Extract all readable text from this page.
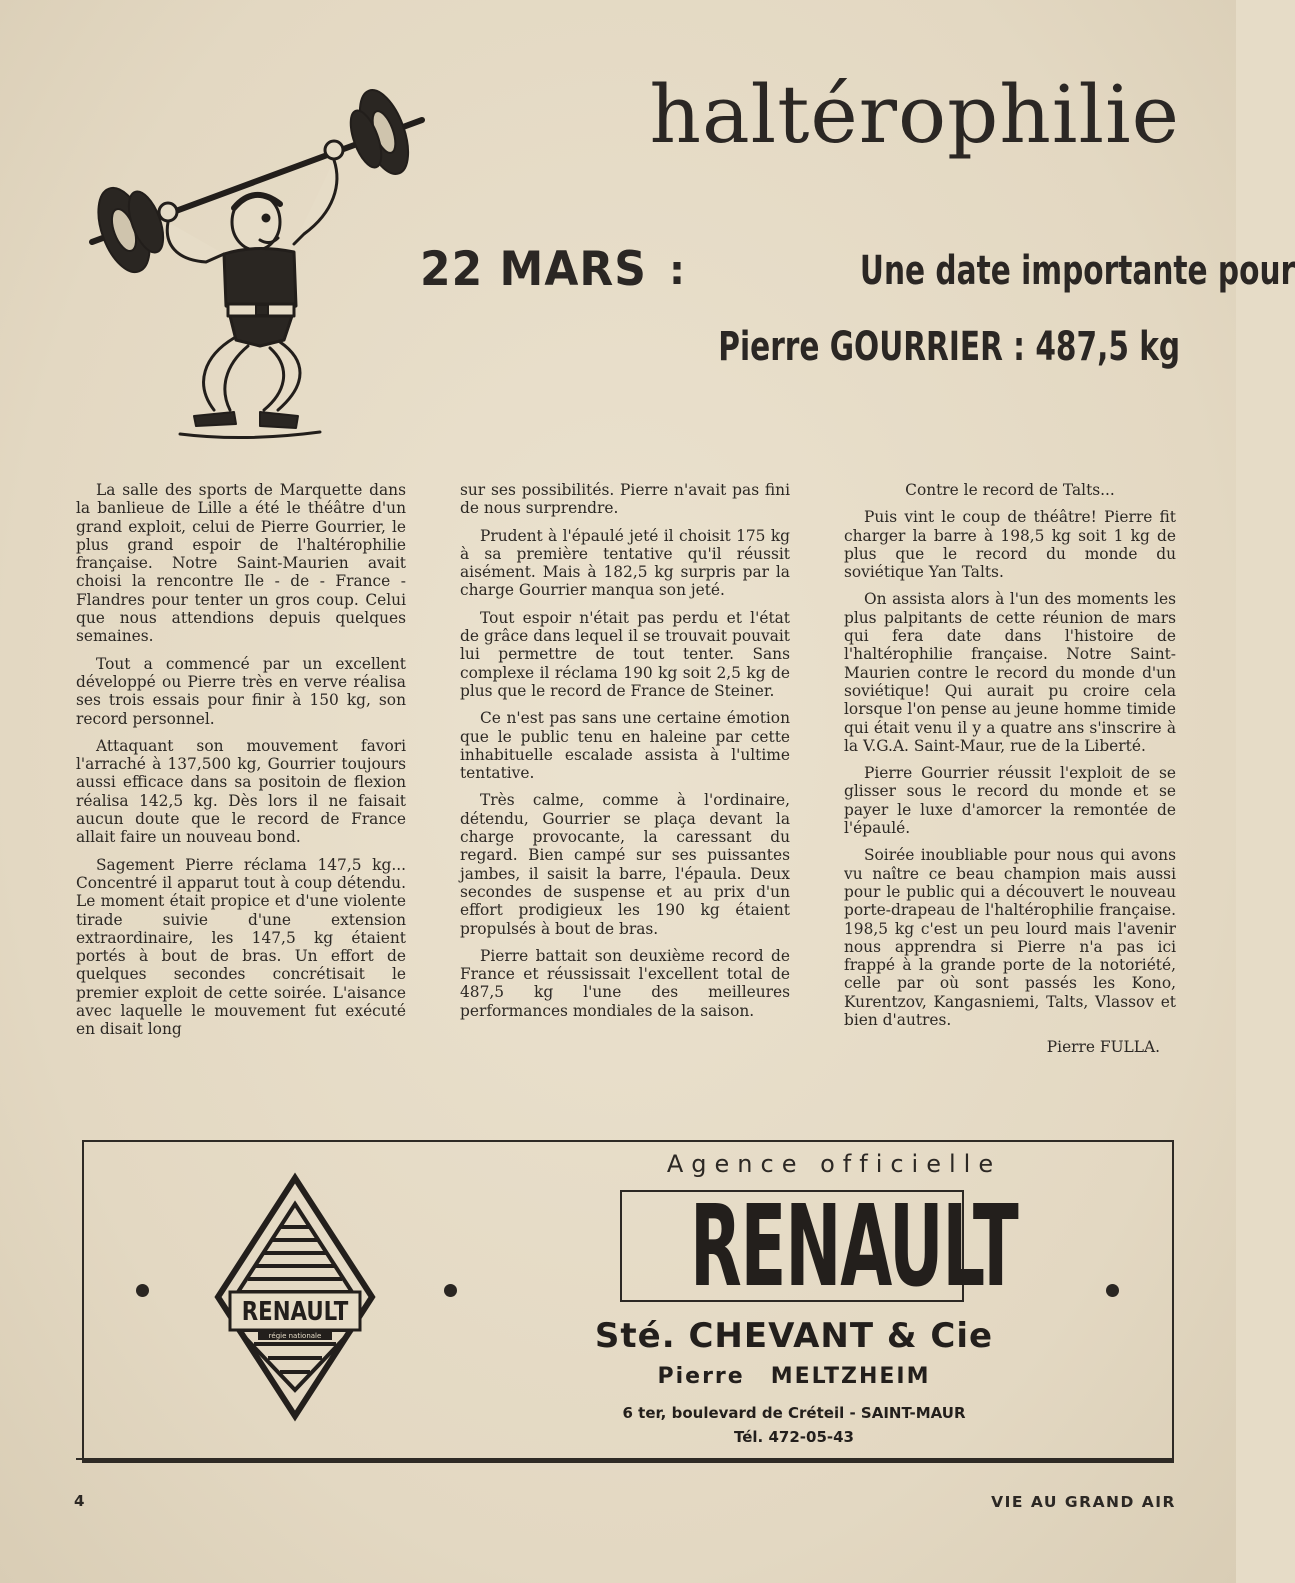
haltérophilie
22 MARS :	Une date importante pour
Pierre GOURRIER : 487,5 kg

La salle des sports de Marquette dans la banlieue de Lille a été le théâtre d'un grand exploit, celui de Pierre Gourrier, le plus grand espoir de l'haltérophilie française. Notre Saint-Maurien avait choisi la rencontre Ile - de - France - Flandres pour tenter un gros coup. Celui que nous attendions depuis quelques semaines.

Tout a commencé par un excellent développé ou Pierre très en verve réalisa ses trois essais pour finir à 150 kg, son record personnel.

Attaquant son mouvement favori l'arraché à 137,500 kg, Gourrier toujours aussi efficace dans sa positoin de flexion réalisa 142,5 kg. Dès lors il ne faisait aucun doute que le record de France allait faire un nouveau bond.

Sagement Pierre réclama 147,5 kg... Concentré il apparut tout à coup détendu. Le moment était propice et d'une violente tirade suivie d'une extension extraordinaire, les 147,5 kg étaient portés à bout de bras. Un effort de quelques secondes concrétisait le premier exploit de cette soirée. L'aisance avec laquelle le mouvement fut exécuté en disait long

sur ses possibilités. Pierre n'avait pas fini de nous surprendre.

Prudent à l'épaulé jeté il choisit 175 kg à sa première tentative qu'il réussit aisément. Mais à 182,5 kg surpris par la charge Gourrier manqua son jeté.

Tout espoir n'était pas perdu et l'état de grâce dans lequel il se trouvait pouvait lui permettre de tout tenter. Sans complexe il réclama 190 kg soit 2,5 kg de plus que le record de France de Steiner.

Ce n'est pas sans une certaine émotion que le public tenu en haleine par cette inhabituelle escalade assista à l'ultime tentative.

Très calme, comme à l'ordinaire, détendu, Gourrier se plaça devant la charge provocante, la caressant du regard. Bien campé sur ses puissantes jambes, il saisit la barre, l'épaula. Deux secondes de suspense et au prix d'un effort prodigieux les 190 kg étaient propulsés à bout de bras.

Pierre battait son deuxième record de France et réussissait l'excellent total de 487,5 kg l'une des meilleures performances mondiales de la saison.

Contre le record de Talts...

Puis vint le coup de théâtre! Pierre fit charger la barre à 198,5 kg soit 1 kg de plus que le record du monde du soviétique Yan Talts.

On assista alors à l'un des moments les plus palpitants de cette réunion de mars qui fera date dans l'histoire de l'haltérophilie française. Notre Saint-Maurien contre le record du monde d'un soviétique! Qui aurait pu croire cela lorsque l'on pense au jeune homme timide qui était venu il y a quatre ans s'inscrire à la V.G.A. Saint-Maur, rue de la Liberté.

Pierre Gourrier réussit l'exploit de se glisser sous le record du monde et se payer le luxe d'amorcer la remontée de l'épaulé.

Soirée inoubliable pour nous qui avons vu naître ce beau champion mais aussi pour le public qui a découvert le nouveau porte-drapeau de l'haltérophilie française. 198,5 kg c'est un peu lourd mais l'avenir nous apprendra si Pierre n'a pas ici frappé à la grande porte de la notoriété, celle par où sont passés les Kono, Kurentzov, Kangasniemi, Talts, Vlassov et bien d'autres.

Pierre FULLA.

RENAULT
régie nationale
Agence officielle
RENAULT
Sté. CHEVANT & Cie
Pierre MELTZHEIM
6 ter, boulevard de Créteil - SAINT-MAUR
Tél. 472-05-43
4	VIE AU GRAND AIR
